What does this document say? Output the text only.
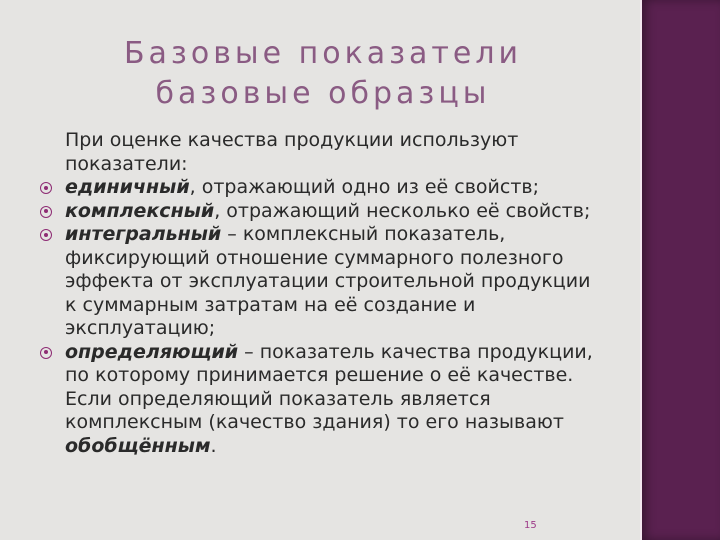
Базовые показатели
базовые образцы

При оценке качества продукции используют показатели:

единичный, отражающий одно из её свойств;
комплексный, отражающий несколько её свойств;
интегральный – комплексный показатель, фиксирующий отношение суммарного полезного эффекта от эксплуатации строительной продукции к суммарным затратам на её создание и эксплуатацию;
определяющий – показатель качества продукции, по которому принимается решение о её качестве. Если определяющий показатель является комплексным (качество здания) то его называют обобщённым.
15
